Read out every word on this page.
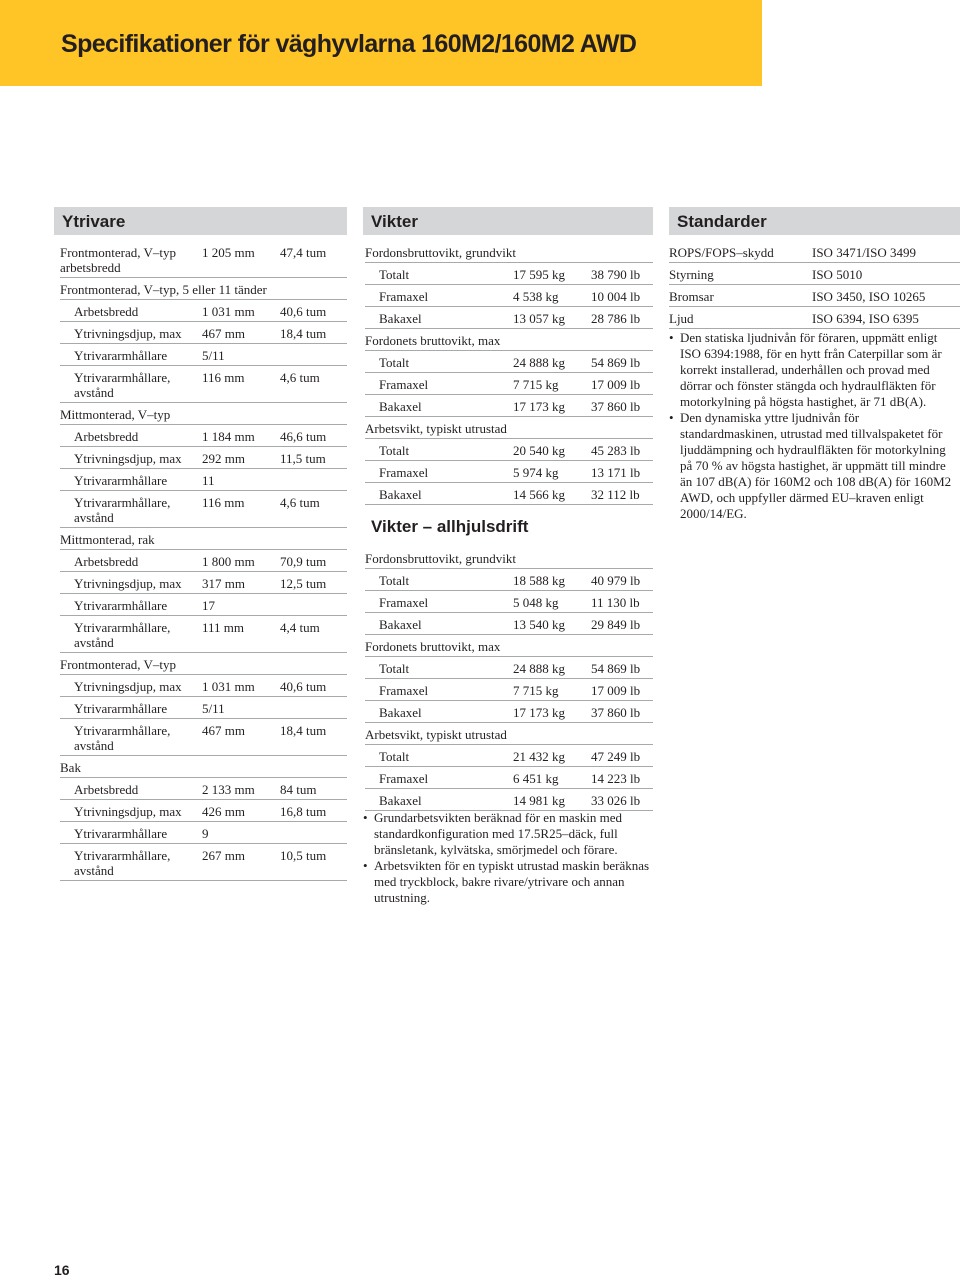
Specifikationer för väghyvlarna 160M2/160M2 AWD
Ytrivare
Frontmonterad, V–typ arbetsbredd
1 205 mm 47,4 tum
Frontmonterad, V–typ, 5 eller 11 tänder
Arbetsbredd	1 031 mm 40,6 tum
Ytrivningsdjup, max 467 mm	18,4 tum
Ytrivararmhållare	5/11
Ytrivararmhållare, avstånd
116 mm	4,6 tum
Mittmonterad, V–typ
Arbetsbredd	1 184 mm 46,6 tum
Ytrivningsdjup, max 292 mm	11,5 tum
Ytrivararmhållare	11
Ytrivararmhållare, avstånd
116 mm	4,6 tum
Mittmonterad, rak
Arbetsbredd	1 800 mm 70,9 tum
Ytrivningsdjup, max 317 mm	12,5 tum
Ytrivararmhållare	17
Ytrivararmhållare, avstånd
111 mm	4,4 tum
Frontmonterad, V–typ
Ytrivningsdjup, max 1 031 mm 40,6 tum
Ytrivararmhållare	5/11
Ytrivararmhållare, avstånd
467 mm	18,4 tum
Bak
Arbetsbredd	2 133 mm 84 tum
Ytrivningsdjup, max 426 mm	16,8 tum
Ytrivararmhållare	9
Ytrivararmhållare, avstånd
267 mm	10,5 tum
Vikter
Fordonsbruttovikt, grundvikt
Totalt	17 595 kg 38 790 lb
Framaxel	4 538 kg	10 004 lb
Bakaxel	13 057 kg 28 786 lb
Fordonets bruttovikt, max
Totalt	24 888 kg 54 869 lb
Framaxel	7 715 kg	17 009 lb
Bakaxel	17 173 kg 37 860 lb
Arbetsvikt, typiskt utrustad
Totalt	20 540 kg 45 283 lb
Framaxel	5 974 kg	13 171 lb
Bakaxel	14 566 kg 32 112 lb
Vikter – allhjulsdrift
Fordonsbruttovikt, grundvikt
Totalt	18 588 kg 40 979 lb
Framaxel	5 048 kg	11 130 lb
Bakaxel	13 540 kg 29 849 lb
Fordonets bruttovikt, max
Totalt	24 888 kg 54 869 lb
Framaxel	7 715 kg	17 009 lb
Bakaxel	17 173 kg 37 860 lb
Arbetsvikt, typiskt utrustad
Totalt	21 432 kg 47 249 lb
Framaxel	6 451 kg	14 223 lb
Bakaxel	14 981 kg 33 026 lb
• Grundarbetsvikten beräknad för en maskin med standardkonfiguration med 17.5R25–däck, full bränsletank, kylvätska, smörjmedel och förare.
• Arbetsvikten för en typiskt utrustad maskin beräknas med tryckblock, bakre rivare/ytrivare och annan utrustning.
Standarder
ROPS/FOPS–skydd	ISO 3471/ISO 3499
Styrning	ISO 5010
Bromsar	ISO 3450, ISO 10265
Ljud	ISO 6394, ISO 6395
• Den statiska ljudnivån för föraren, uppmätt enligt ISO 6394:1988, för en hytt från Caterpillar som är korrekt installerad, underhållen och provad med dörrar och fönster stängda och hydraulfläkten för motorkylning på högsta hastighet, är 71 dB(A).
• Den dynamiska yttre ljudnivån för standardmaskinen, utrustad med tillvalspaketet för ljuddämpning och hydraulfläkten för motorkylning på 70 % av högsta hastighet, är uppmätt till mindre än 107 dB(A) för 160M2 och 108 dB(A) för 160M2 AWD, och uppfyller därmed EU–kraven enligt 2000/14/EG.
16
